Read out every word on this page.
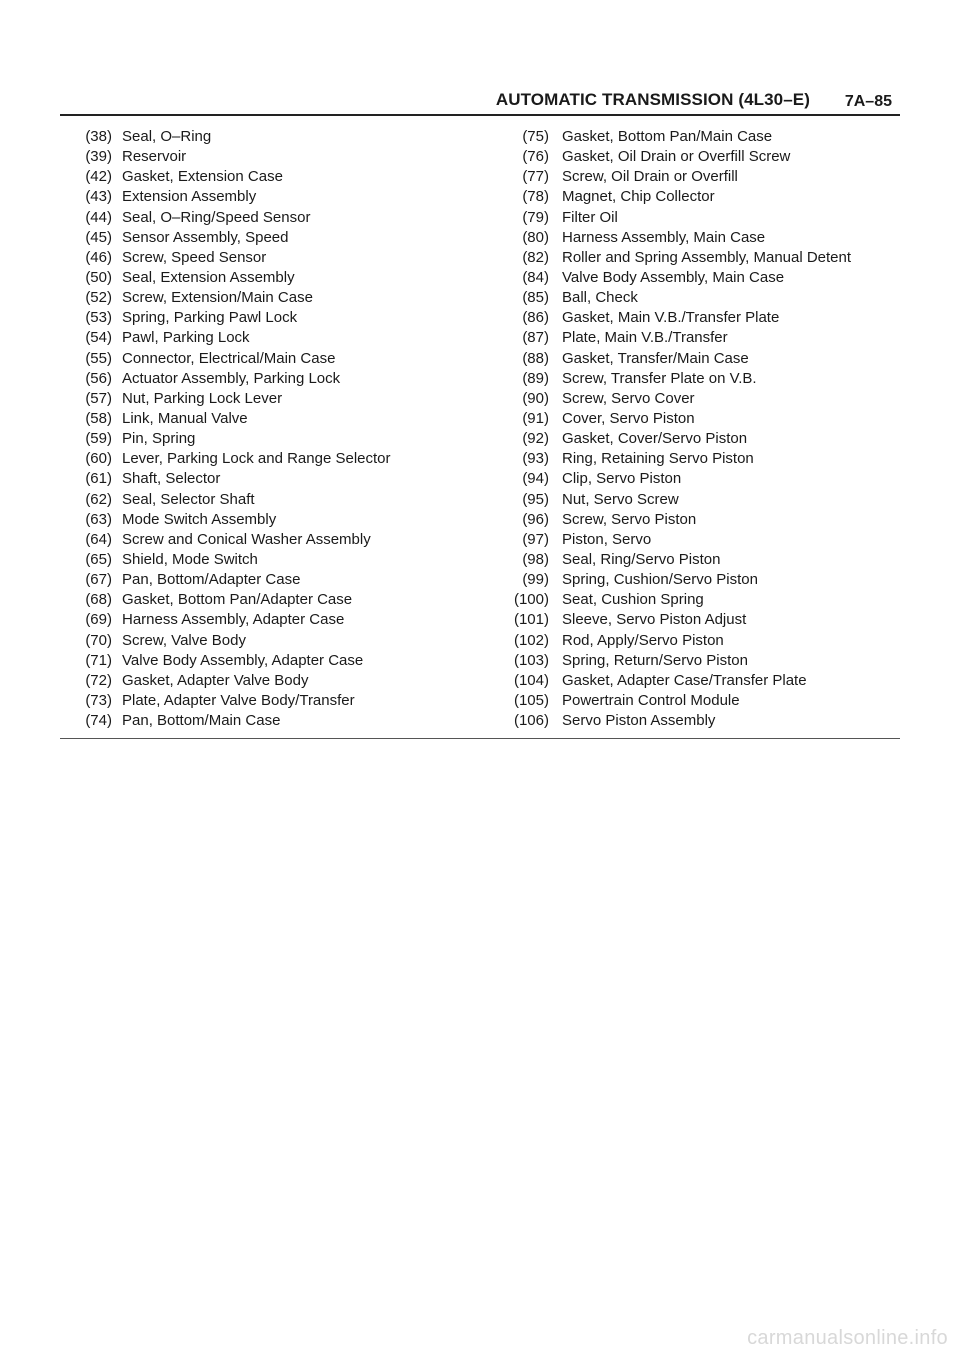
AUTOMATIC TRANSMISSION (4L30–E) 7A–85
(38) Seal, O–Ring
(39) Reservoir
(42) Gasket, Extension Case
(43) Extension Assembly
(44) Seal, O–Ring/Speed Sensor
(45) Sensor Assembly, Speed
(46) Screw, Speed Sensor
(50) Seal, Extension Assembly
(52) Screw, Extension/Main Case
(53) Spring, Parking Pawl Lock
(54) Pawl, Parking Lock
(55) Connector, Electrical/Main Case
(56) Actuator Assembly, Parking Lock
(57) Nut, Parking Lock Lever
(58) Link, Manual Valve
(59) Pin, Spring
(60) Lever, Parking Lock and Range Selector
(61) Shaft, Selector
(62) Seal, Selector Shaft
(63) Mode Switch Assembly
(64) Screw and Conical Washer Assembly
(65) Shield, Mode Switch
(67) Pan, Bottom/Adapter Case
(68) Gasket, Bottom Pan/Adapter Case
(69) Harness Assembly, Adapter Case
(70) Screw, Valve Body
(71) Valve Body Assembly, Adapter Case
(72) Gasket, Adapter Valve Body
(73) Plate, Adapter Valve Body/Transfer
(74) Pan, Bottom/Main Case
(75) Gasket, Bottom Pan/Main Case
(76) Gasket, Oil Drain or Overfill Screw
(77) Screw, Oil Drain or Overfill
(78) Magnet, Chip Collector
(79) Filter Oil
(80) Harness Assembly, Main Case
(82) Roller and Spring Assembly, Manual Detent
(84) Valve Body Assembly, Main Case
(85) Ball, Check
(86) Gasket, Main V.B./Transfer Plate
(87) Plate, Main V.B./Transfer
(88) Gasket, Transfer/Main Case
(89) Screw, Transfer Plate on V.B.
(90) Screw, Servo Cover
(91) Cover, Servo Piston
(92) Gasket, Cover/Servo Piston
(93) Ring, Retaining Servo Piston
(94) Clip, Servo Piston
(95) Nut, Servo Screw
(96) Screw, Servo Piston
(97) Piston, Servo
(98) Seal, Ring/Servo Piston
(99) Spring, Cushion/Servo Piston
(100) Seat, Cushion Spring
(101) Sleeve, Servo Piston Adjust
(102) Rod, Apply/Servo Piston
(103) Spring, Return/Servo Piston
(104) Gasket, Adapter Case/Transfer Plate
(105) Powertrain Control Module
(106) Servo Piston Assembly
carmanualsonline.info
